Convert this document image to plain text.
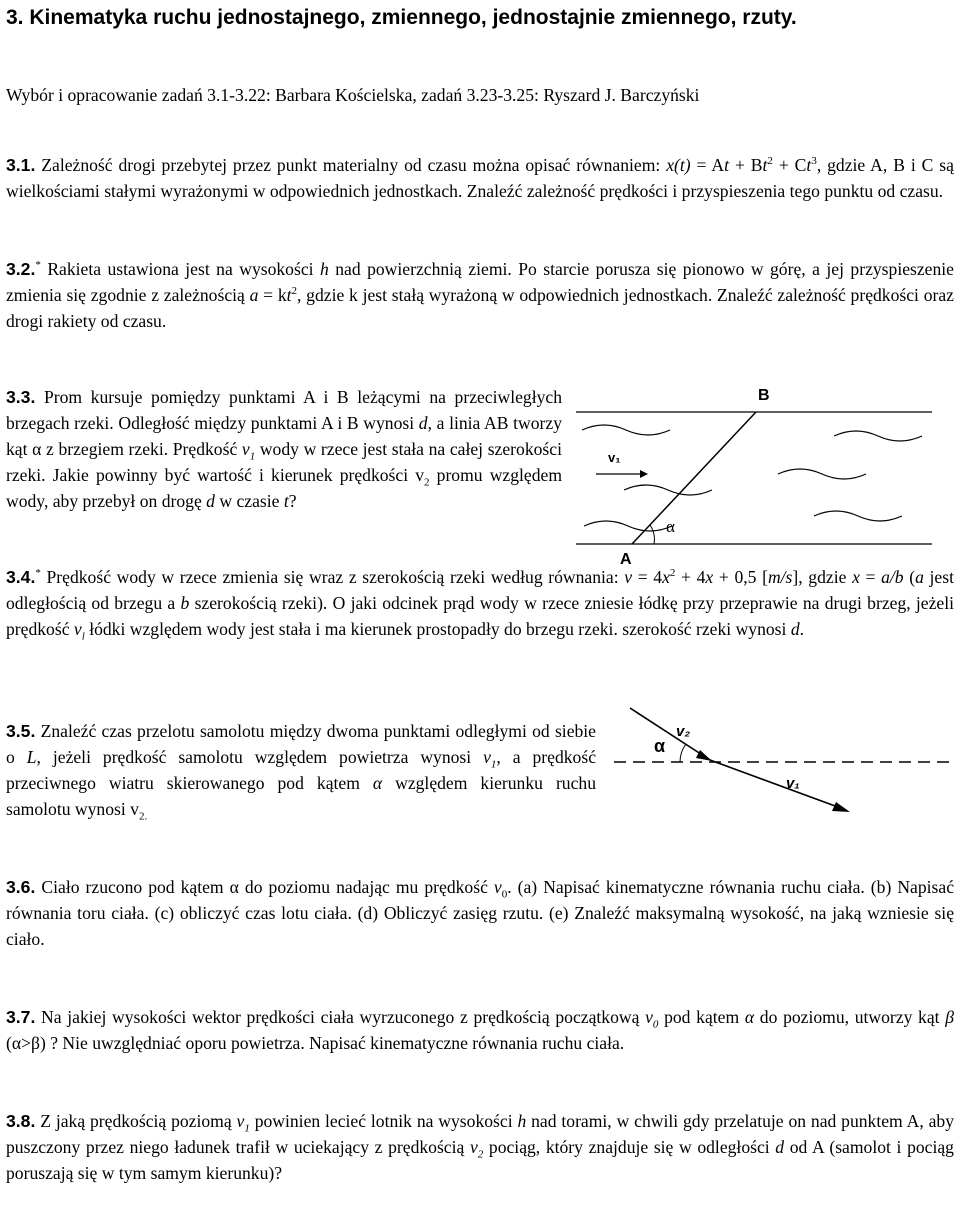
3. Kinematyka ruchu jednostajnego, zmiennego, jednostajnie zmiennego, rzuty.

Wybór i opracowanie zadań 3.1-3.22: Barbara Kościelska, zadań 3.23-3.25: Ryszard J. Barczyński

3.1. Zależność drogi przebytej przez punkt materialny od czasu można opisać równaniem: $x(t) = At + Bt^2 + Ct^3$, gdzie A, B i C są wielkościami stałymi wyrażonymi w odpowiednich jednostkach. Znaleźć zależność prędkości i przyspieszenia tego punktu od czasu.

3.2.* Rakieta ustawiona jest na wysokości h nad powierzchnią ziemi. Po starcie porusza się pionowo w górę, a jej przyspieszenie zmienia się zgodnie z zależnością $a = kt^2$, gdzie k jest stałą wyrażoną w odpowiednich jednostkach. Znaleźć zależność prędkości oraz drogi rakiety od czasu.

3.3. Prom kursuje pomiędzy punktami A i B leżącymi na przeciwległych brzegach rzeki. Odległość między punktami A i B wynosi d, a linia AB tworzy kąt α z brzegiem rzeki. Prędkość $v_1$ wody w rzece jest stała na całej szerokości rzeki. Jakie powinny być wartość i kierunek prędkości $v_2$ promu względem wody, aby przebył on drogę d w czasie t?

B
A
α
v₁

3.4.* Prędkość wody w rzece zmienia się wraz z szerokością rzeki według równania: $v = 4x^2 + 4x + 0,5$ [m/s], gdzie x = a/b (a jest odległością od brzegu a b szerokością rzeki). O jaki odcinek prąd wody w rzece zniesie łódkę przy przeprawie na drugi brzeg, jeżeli prędkość $v_l$ łódki względem wody jest stała i ma kierunek prostopadły do brzegu rzeki. szerokość rzeki wynosi d.

3.5. Znaleźć czas przelotu samolotu między dwoma punktami odległymi od siebie o L, jeżeli prędkość samolotu względem powietrza wynosi $v_1$, a prędkość przeciwnego wiatru skierowanego pod kątem α względem kierunku ruchu samolotu wynosi $v_{2.}$

α
v₂
v₁

3.6. Ciało rzucono pod kątem α do poziomu nadając mu prędkość $v_0$. (a) Napisać kinematyczne równania ruchu ciała. (b) Napisać równania toru ciała. (c) obliczyć czas lotu ciała. (d) Obliczyć zasięg rzutu. (e) Znaleźć maksymalną wysokość, na jaką wzniesie się ciało.

3.7. Na jakiej wysokości wektor prędkości ciała wyrzuconego z prędkością początkową $v_0$ pod kątem α do poziomu, utworzy kąt β (α>β) ? Nie uwzględniać oporu powietrza. Napisać kinematyczne równania ruchu ciała.

3.8. Z jaką prędkością poziomą $v_1$ powinien lecieć lotnik na wysokości h nad torami, w chwili gdy przelatuje on nad punktem A, aby puszczony przez niego ładunek trafił w uciekający z prędkością $v_2$ pociąg, który znajduje się w odległości d od A (samolot i pociąg poruszają się w tym samym kierunku)?
